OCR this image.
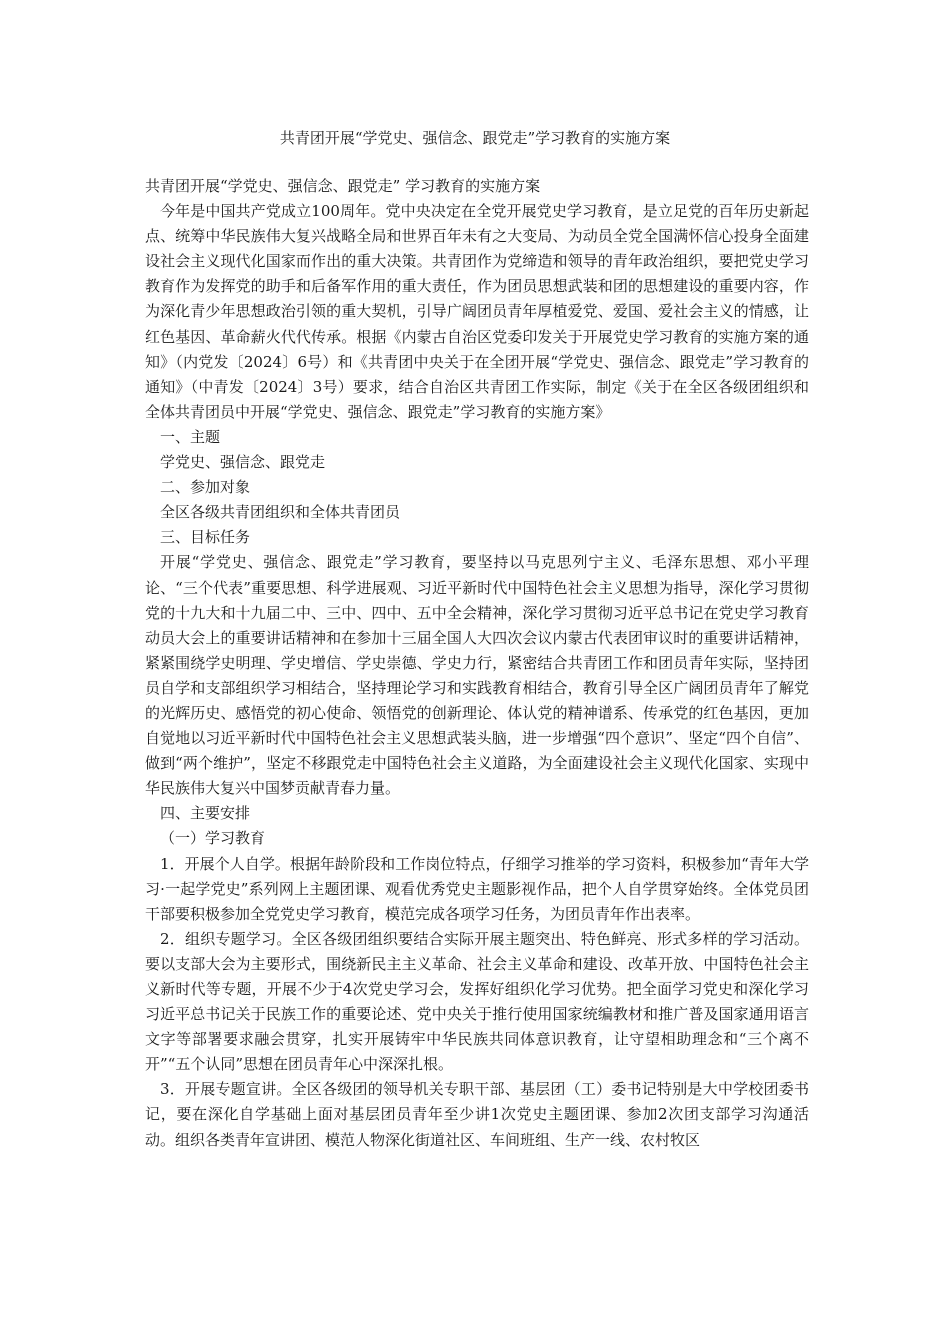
共青团开展“学党史、强信念、跟党走”学习教育的实施方案

共青团开展“学党史、强信念、跟党走” 学习教育的实施方案

今年是中国共产党成立100周年。党中央决定在全党开展党史学习教育，是立足党的百年历史新起点、统筹中华民族伟大复兴战略全局和世界百年未有之大变局、为动员全党全国满怀信心投身全面建设社会主义现代化国家而作出的重大决策。共青团作为党缔造和领导的青年政治组织，要把党史学习教育作为发挥党的助手和后备军作用的重大责任，作为团员思想武装和团的思想建设的重要内容，作为深化青少年思想政治引领的重大契机，引导广阔团员青年厚植爱党、爱国、爱社会主义的情感，让红色基因、革命薪火代代传承。根据《内蒙古自治区党委印发关于开展党史学习教育的实施方案的通知》（内党发〔2024〕6号）和《共青团中央关于在全团开展“学党史、强信念、跟党走”学习教育的通知》（中青发〔2024〕3号）要求，结合自治区共青团工作实际，制定《关于在全区各级团组织和全体共青团员中开展“学党史、强信念、跟党走”学习教育的实施方案》

一、主题

学党史、强信念、跟党走

二、参加对象

全区各级共青团组织和全体共青团员

三、目标任务

开展“学党史、强信念、跟党走”学习教育，要坚持以马克思列宁主义、毛泽东思想、邓小平理论、“三个代表”重要思想、科学进展观、习近平新时代中国特色社会主义思想为指导，深化学习贯彻党的十九大和十九届二中、三中、四中、五中全会精神，深化学习贯彻习近平总书记在党史学习教育动员大会上的重要讲话精神和在参加十三届全国人大四次会议内蒙古代表团审议时的重要讲话精神，紧紧围绕学史明理、学史增信、学史崇德、学史力行，紧密结合共青团工作和团员青年实际，坚持团员自学和支部组织学习相结合，坚持理论学习和实践教育相结合，教育引导全区广阔团员青年了解党的光辉历史、感悟党的初心使命、领悟党的创新理论、体认党的精神谱系、传承党的红色基因，更加自觉地以习近平新时代中国特色社会主义思想武装头脑，进一步增强“四个意识”、坚定“四个自信”、做到“两个维护”，坚定不移跟党走中国特色社会主义道路，为全面建设社会主义现代化国家、实现中华民族伟大复兴中国梦贡献青春力量。

四、主要安排

（一）学习教育

1．开展个人自学。根据年龄阶段和工作岗位特点，仔细学习推举的学习资料，积极参加“青年大学习·一起学党史”系列网上主题团课、观看优秀党史主题影视作品，把个人自学贯穿始终。全体党员团干部要积极参加全党党史学习教育，模范完成各项学习任务，为团员青年作出表率。

2．组织专题学习。全区各级团组织要结合实际开展主题突出、特色鲜亮、形式多样的学习活动。要以支部大会为主要形式，围绕新民主主义革命、社会主义革命和建设、改革开放、中国特色社会主义新时代等专题，开展不少于4次党史学习会，发挥好组织化学习优势。把全面学习党史和深化学习习近平总书记关于民族工作的重要论述、党中央关于推行使用国家统编教材和推广普及国家通用语言文字等部署要求融会贯穿，扎实开展铸牢中华民族共同体意识教育，让守望相助理念和“三个离不开”“五个认同”思想在团员青年心中深深扎根。

3．开展专题宣讲。全区各级团的领导机关专职干部、基层团（工）委书记特别是大中学校团委书记，要在深化自学基础上面对基层团员青年至少讲1次党史主题团课、参加2次团支部学习沟通活动。组织各类青年宣讲团、模范人物深化街道社区、车间班组、生产一线、农村牧区
